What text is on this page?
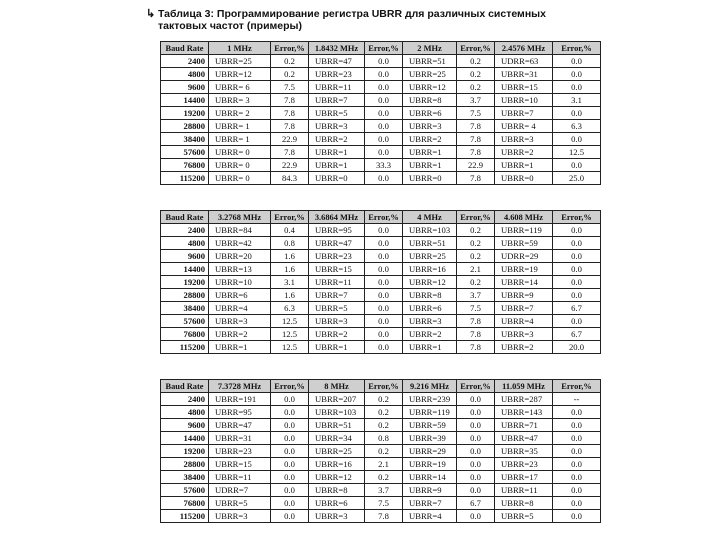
↳ Таблица 3: Программирование регистра UBRR для различных системных
тактовых частот (примеры)
Baud Rate	1 MHz	Error,%	1.8432 MHz	Error,%	2 MHz	Error,%	2.4576 MHz	Error,%
2400	UBRR=25	0.2	UBRR=47	0.0	UBRR=51	0.2	UDRR=63	0.0
4800	UBRR=12	0.2	UBRR=23	0.0	UBRR=25	0.2	UBRR=31	0.0
9600	UBRR= 6	7.5	UBRR=11	0.0	UBRR=12	0.2	UBRR=15	0.0
14400	UBRR= 3	7.8	UBRR=7	0.0	UBRR=8	3.7	UBRR=10	3.1
19200	UBRR= 2	7.8	UBRR=5	0.0	UBRR=6	7.5	UBRR=7	0.0
28800	UBRR= 1	7.8	UBRR=3	0.0	UBRR=3	7.8	UBRR= 4	6.3
38400	UBRR= 1	22.9	UBRR=2	0.0	UBRR=2	7.8	UBRR=3	0.0
57600	UBRR= 0	7.8	UBRR=1	0.0	UBRR=1	7.8	UBRR=2	12.5
76800	UBRR= 0	22.9	UBRR=1	33.3	UBRR=1	22.9	UBRR=1	0.0
115200	UBRR= 0	84.3	UBRR=0	0.0	UBRR=0	7.8	UBRR=0	25.0
Baud Rate	3.2768 MHz	Error,%	3.6864 MHz	Error,%	4 MHz	Error,%	4.608 MHz	Error,%
2400	UBRR=84	0.4	UBRR=95	0.0	UBRR=103	0.2	UBRR=119	0.0
4800	UBRR=42	0.8	UBRR=47	0.0	UBRR=51	0.2	UBRR=59	0.0
9600	UBRR=20	1.6	UBRR=23	0.0	UBRR=25	0.2	UDRR=29	0.0
14400	UBRR=13	1.6	UBRR=15	0.0	UBRR=16	2.1	UBRR=19	0.0
19200	UBRR=10	3.1	UBRR=11	0.0	UBRR=12	0.2	UBRR=14	0.0
28800	UBRR=6	1.6	UBRR=7	0.0	UBRR=8	3.7	UBRR=9	0.0
38400	UBRR=4	6.3	UBRR=5	0.0	UBRR=6	7.5	UBRR=7	6.7
57600	UBRR=3	12.5	UBRR=3	0.0	UBRR=3	7.8	UBRR=4	0.0
76800	UBRR=2	12.5	UBRR=2	0.0	UBRR=2	7.8	UBRR=3	6.7
115200	UBRR=1	12.5	UBRR=1	0.0	UBRR=1	7.8	UBRR=2	20.0
Baud Rate	7.3728 MHz	Error,%	8 MHz	Error,%	9.216 MHz	Error,%	11.059 MHz	Error,%
2400	UBRR=191	0.0	UBRR=207	0.2	UBRR=239	0.0	UBRR=287	--
4800	UBRR=95	0.0	UBRR=103	0.2	UBRR=119	0.0	UBRR=143	0.0
9600	UBRR=47	0.0	UBRR=51	0.2	UBRR=59	0.0	UBRR=71	0.0
14400	UBRR=31	0.0	UBRR=34	0.8	UBRR=39	0.0	UBRR=47	0.0
19200	UBRR=23	0.0	UBRR=25	0.2	UBRR=29	0.0	UBRR=35	0.0
28800	UBRR=15	0.0	UBRR=16	2.1	UBRR=19	0.0	UBRR=23	0.0
38400	UBRR=11	0.0	UBRR=12	0.2	UBRR=14	0.0	UBRR=17	0.0
57600	UDRR=7	0.0	UBRR=8	3.7	UBRR=9	0.0	UBRR=11	0.0
76800	UBRR=5	0.0	UBRR=6	7.5	UBRR=7	6.7	UBRR=8	0.0
115200	UBRR=3	0.0	UBRR=3	7.8	UBRR=4	0.0	UBRR=5	0.0
